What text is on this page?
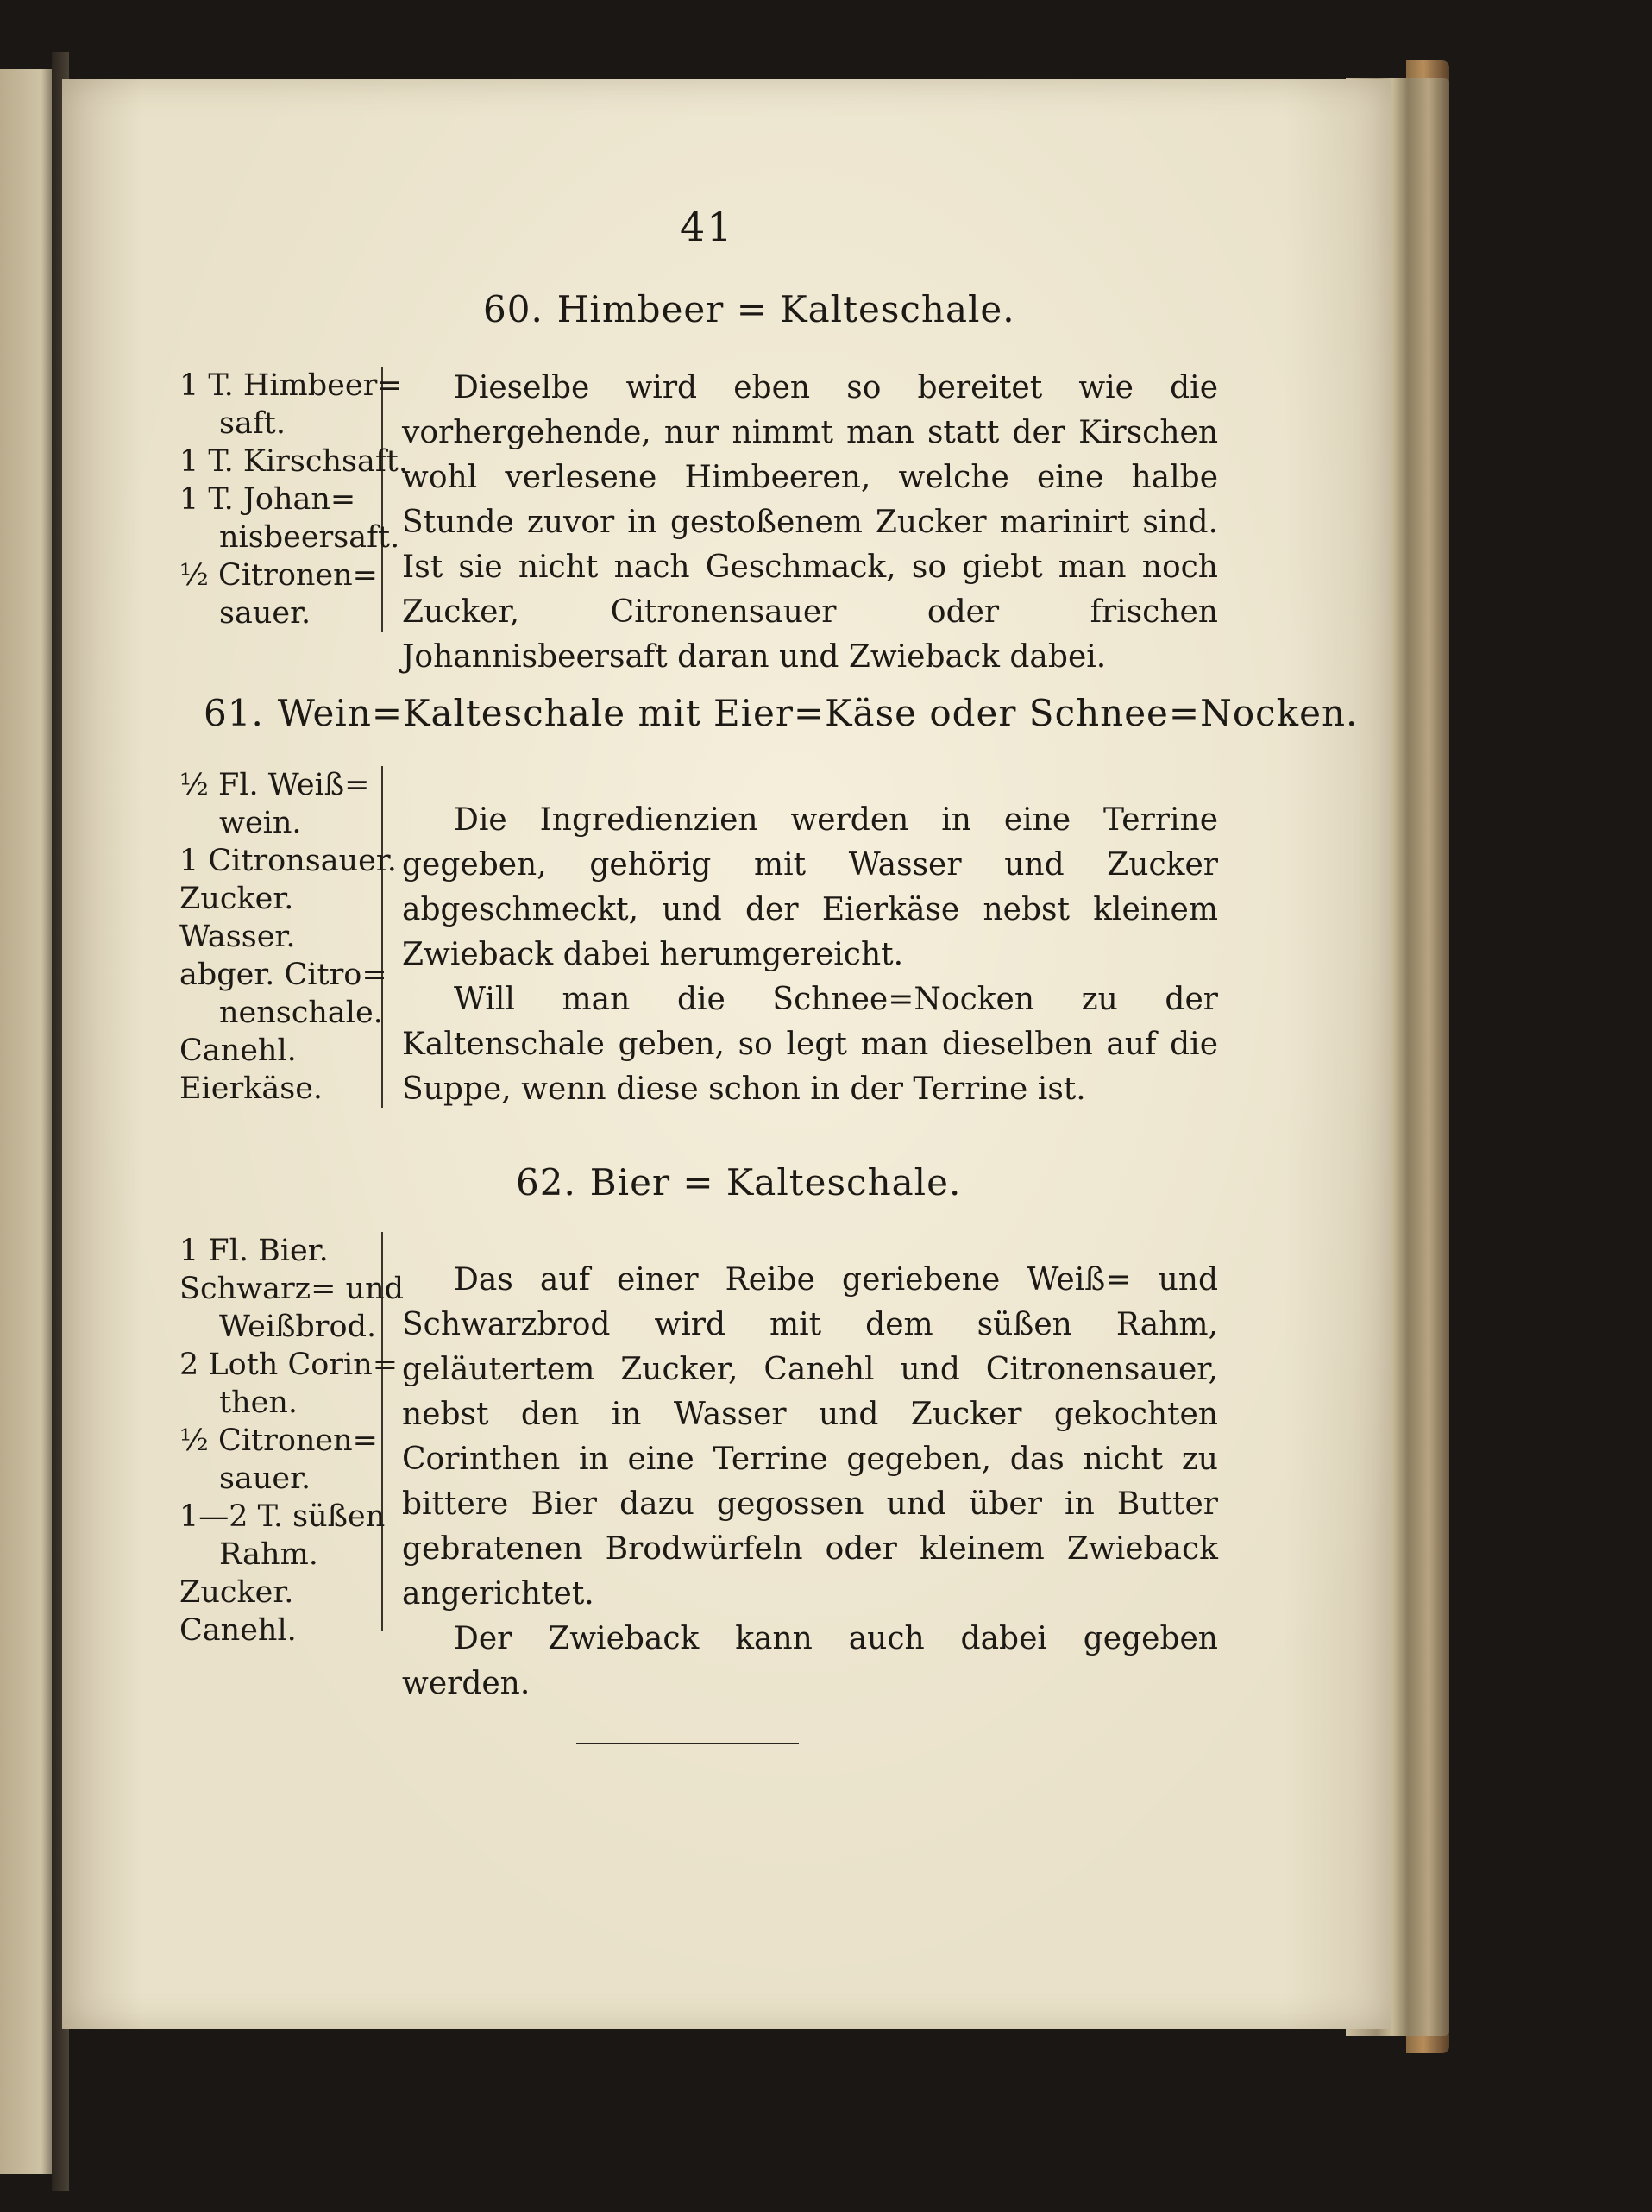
41
60. Himbeer = Kalteschale.
1 T. Himbeer=
saft.
1 T. Kirschsaft.
1 T. Johan=
nisbeersaft.
½ Citronen=
sauer.

Dieselbe wird eben so bereitet wie die vorhergehende, nur nimmt man statt der Kirschen wohl verlesene Himbeeren, welche eine halbe Stunde zuvor in gestoßenem Zucker marinirt sind. Ist sie nicht nach Geschmack, so giebt man noch Zucker, Citronensauer oder frischen Johannisbeersaft daran und Zwieback dabei.

61. Wein=Kalteschale mit Eier=Käse oder Schnee=Nocken.
½ Fl. Weiß=
wein.
1 Citronsauer.
Zucker.
Wasser.
abger. Citro=
nenschale.
Canehl.
Eierkäse.

Die Ingredienzien werden in eine Terrine gegeben, gehörig mit Wasser und Zucker abgeschmeckt, und der Eierkäse nebst kleinem Zwieback dabei herumgereicht.

Will man die Schnee=Nocken zu der Kaltenschale geben, so legt man dieselben auf die Suppe, wenn diese schon in der Terrine ist.

62. Bier = Kalteschale.
1 Fl. Bier.
Schwarz= und
Weißbrod.
2 Loth Corin=
then.
½ Citronen=
sauer.
1—2 T. süßen
Rahm.
Zucker.
Canehl.

Das auf einer Reibe geriebene Weiß= und Schwarzbrod wird mit dem süßen Rahm, geläutertem Zucker, Canehl und Citronensauer, nebst den in Wasser und Zucker gekochten Corinthen in eine Terrine gegeben, das nicht zu bittere Bier dazu gegossen und über in Butter gebratenen Brodwürfeln oder kleinem Zwieback angerichtet.

Der Zwieback kann auch dabei gegeben werden.
